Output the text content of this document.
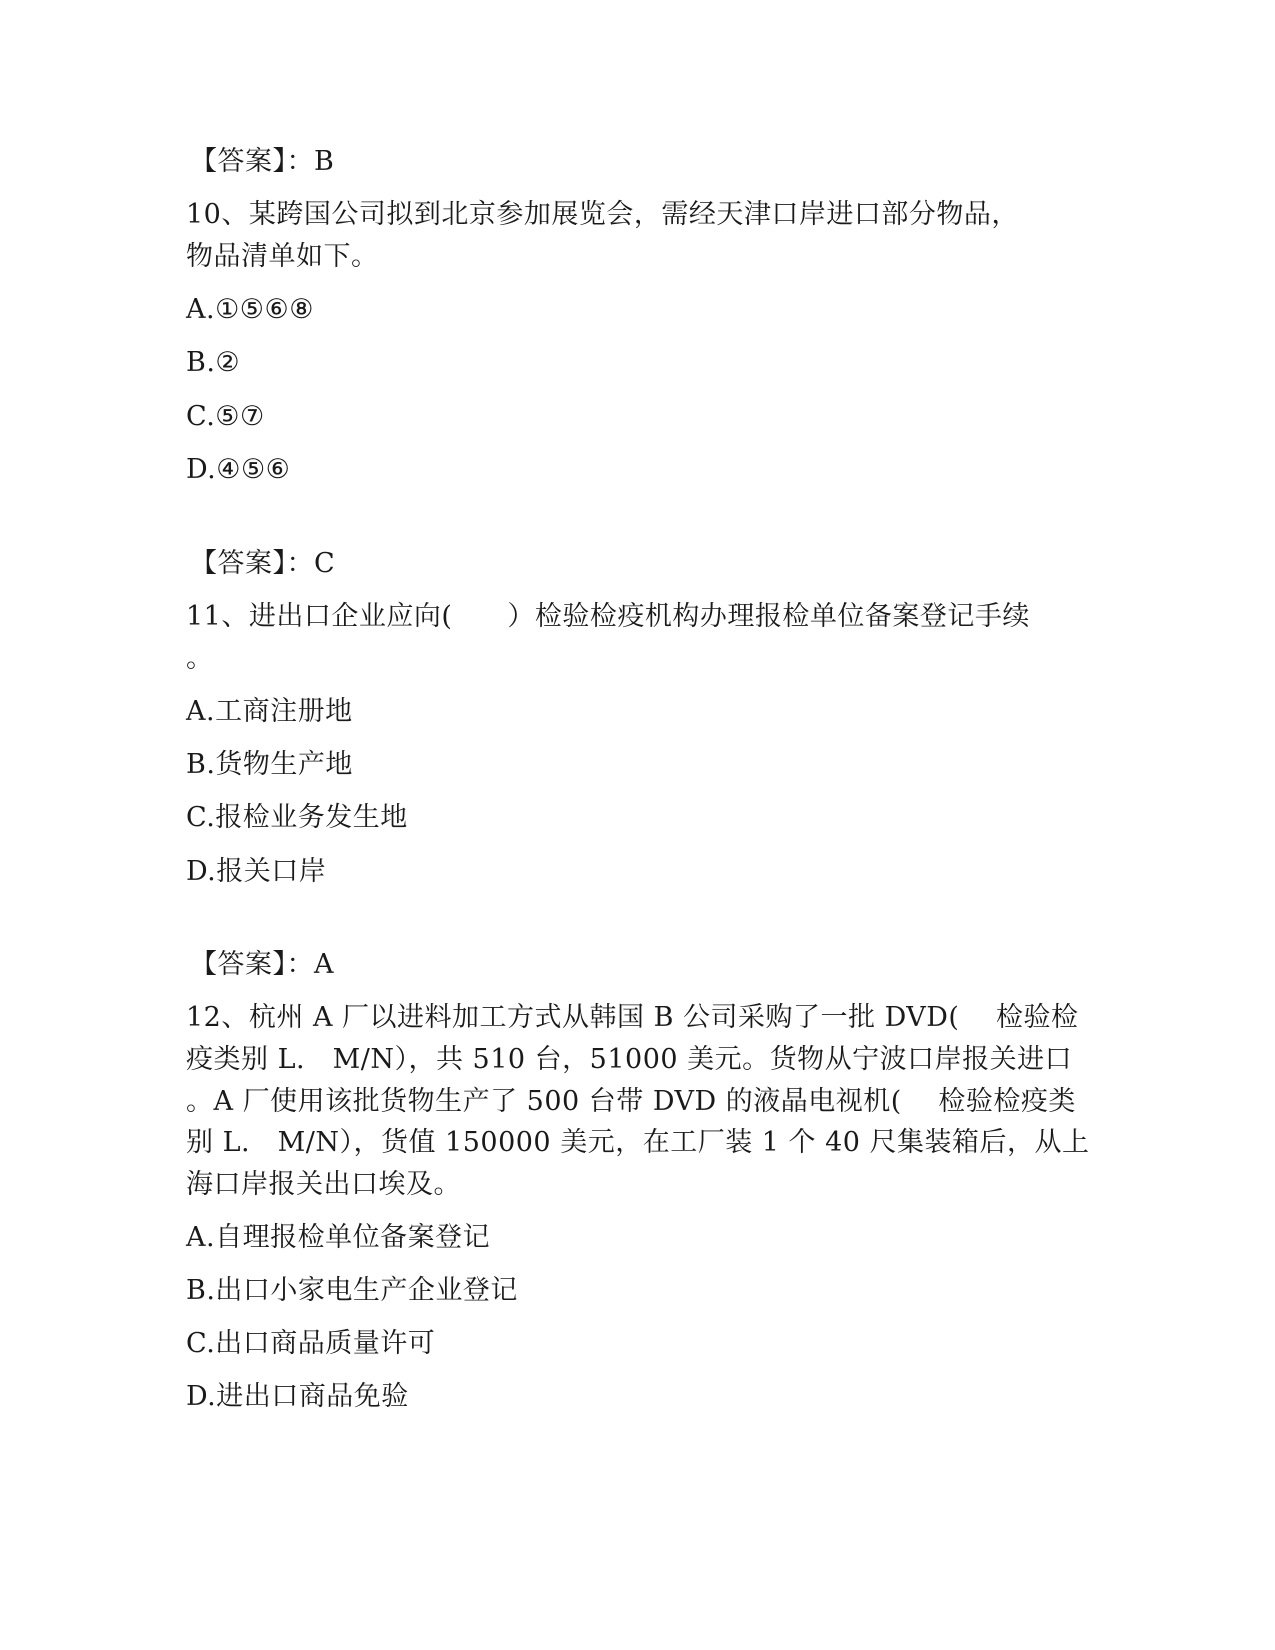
【答案】：B
10、某跨国公司拟到北京参加展览会，需经天津口岸进口部分物品，
物品清单如下。
A.①⑤⑥⑧
B.②
C.⑤⑦
D.④⑤⑥
【答案】：C
11、进出口企业应向(　　）检验检疫机构办理报检单位备案登记手续
。
A.工商注册地
B.货物生产地
C.报检业务发生地
D.报关口岸
【答案】：A
12、杭州 A 厂以进料加工方式从韩国 B 公司采购了一批 DVD(　 检验检
疫类别 L.　M/N），共 510 台，51000 美元。货物从宁波口岸报关进口
。A 厂使用该批货物生产了 500 台带 DVD 的液晶电视机(　 检验检疫类
别 L.　M/N），货值 150000 美元，在工厂装 1 个 40 尺集装箱后，从上
海口岸报关出口埃及。
A.自理报检单位备案登记
B.出口小家电生产企业登记
C.出口商品质量许可
D.进出口商品免验
